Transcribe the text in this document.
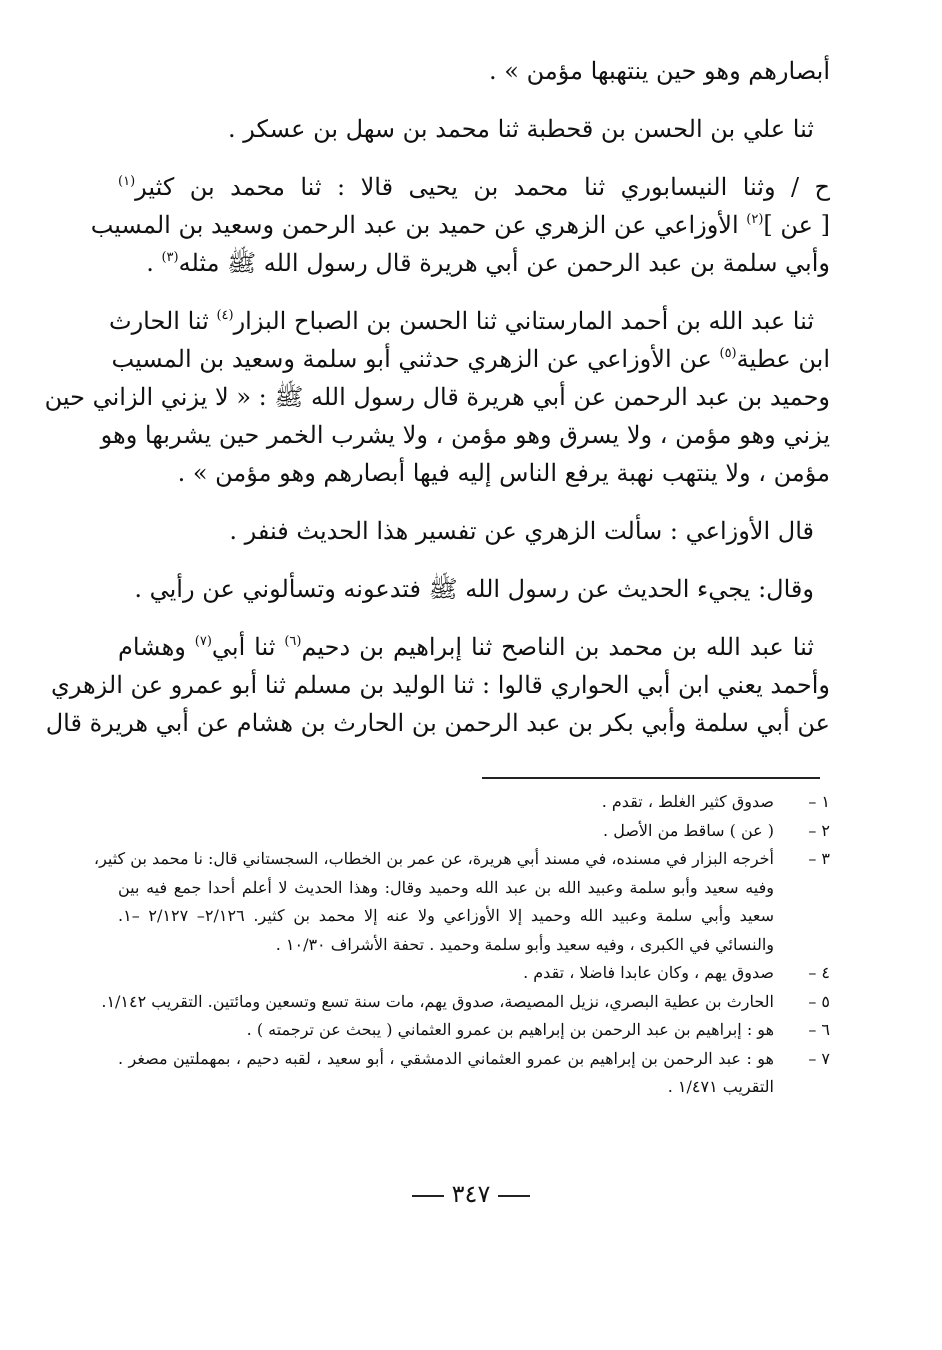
أبصارهم وهو حين ينتهبها مؤمن » .
ثنا علي بن الحسن بن قحطبة ثنا محمد بن سهل بن عسكر .
ح / وثنا النيسابوري ثنا محمد بن يحيى قالا : ثنا محمد بن كثير$^{(١)}$
[ عن ]$^{(٢)}$ الأوزاعي عن الزهري عن حميد بن عبد الرحمن وسعيد بن المسيب
وأبي سلمة بن عبد الرحمن عن أبي هريرة قال رسول الله ﷺ مثله$^{(٣)}$ .
ثنا عبد الله بن أحمد المارستاني ثنا الحسن بن الصباح البزار$^{(٤)}$ ثنا الحارث
ابن عطية$^{(٥)}$ عن الأوزاعي عن الزهري حدثني أبو سلمة وسعيد بن المسيب
وحميد بن عبد الرحمن عن أبي هريرة قال رسول الله ﷺ : « لا يزني الزاني حين
يزني وهو مؤمن ، ولا يسرق وهو مؤمن ، ولا يشرب الخمر حين يشربها وهو
مؤمن ، ولا ينتهب نهبة يرفع الناس إليه فيها أبصارهم وهو مؤمن » .
قال الأوزاعي : سألت الزهري عن تفسير هذا الحديث فنفر .
وقال: يجيء الحديث عن رسول الله ﷺ فتدعونه وتسألوني عن رأيي .
ثنا عبد الله بن محمد بن الناصح ثنا إبراهيم بن دحيم$^{(٦)}$ ثنا أبي$^{(٧)}$ وهشام
وأحمد يعني ابن أبي الحواري قالوا : ثنا الوليد بن مسلم ثنا أبو عمرو عن الزهري
عن أبي سلمة وأبي بكر بن عبد الرحمن بن الحارث بن هشام عن أبي هريرة قال
١ –
صدوق كثير الغلط ، تقدم .
٢ –
( عن ) ساقط من الأصل .
٣ –
أخرجه البزار في مسنده، في مسند أبي هريرة، عن عمر بن الخطاب، السجستاني قال: نا محمد بن كثير،
وفيه سعيد وأبو سلمة وعبيد الله بن عبد الله وحميد وقال: وهذا الحديث لا أعلم أحدا جمع فيه بين
سعيد وأبي سلمة وعبيد الله وحميد إلا الأوزاعي ولا عنه إلا محمد بن كثير. ٢/١٢٦– ٢/١٢٧ –١.
والنسائي في الكبرى ، وفيه سعيد وأبو سلمة وحميد . تحفة الأشراف ١٠/٣٠ .
٤ –
صدوق يهم ، وكان عابدا فاضلا ، تقدم .
٥ –
الحارث بن عطية البصري، نزيل المصيصة، صدوق يهم، مات سنة تسع وتسعين ومائتين. التقريب ١/١٤٢.
٦ –
هو : إبراهيم بن عبد الرحمن بن إبراهيم بن عمرو العثماني ( يبحث عن ترجمته ) .
٧ –
هو : عبد الرحمن بن إبراهيم بن عمرو العثماني الدمشقي ، أبو سعيد ، لقبه دحيم ، بمهملتين مصغر .
التقريب ١/٤٧١ .
٣٤٧
